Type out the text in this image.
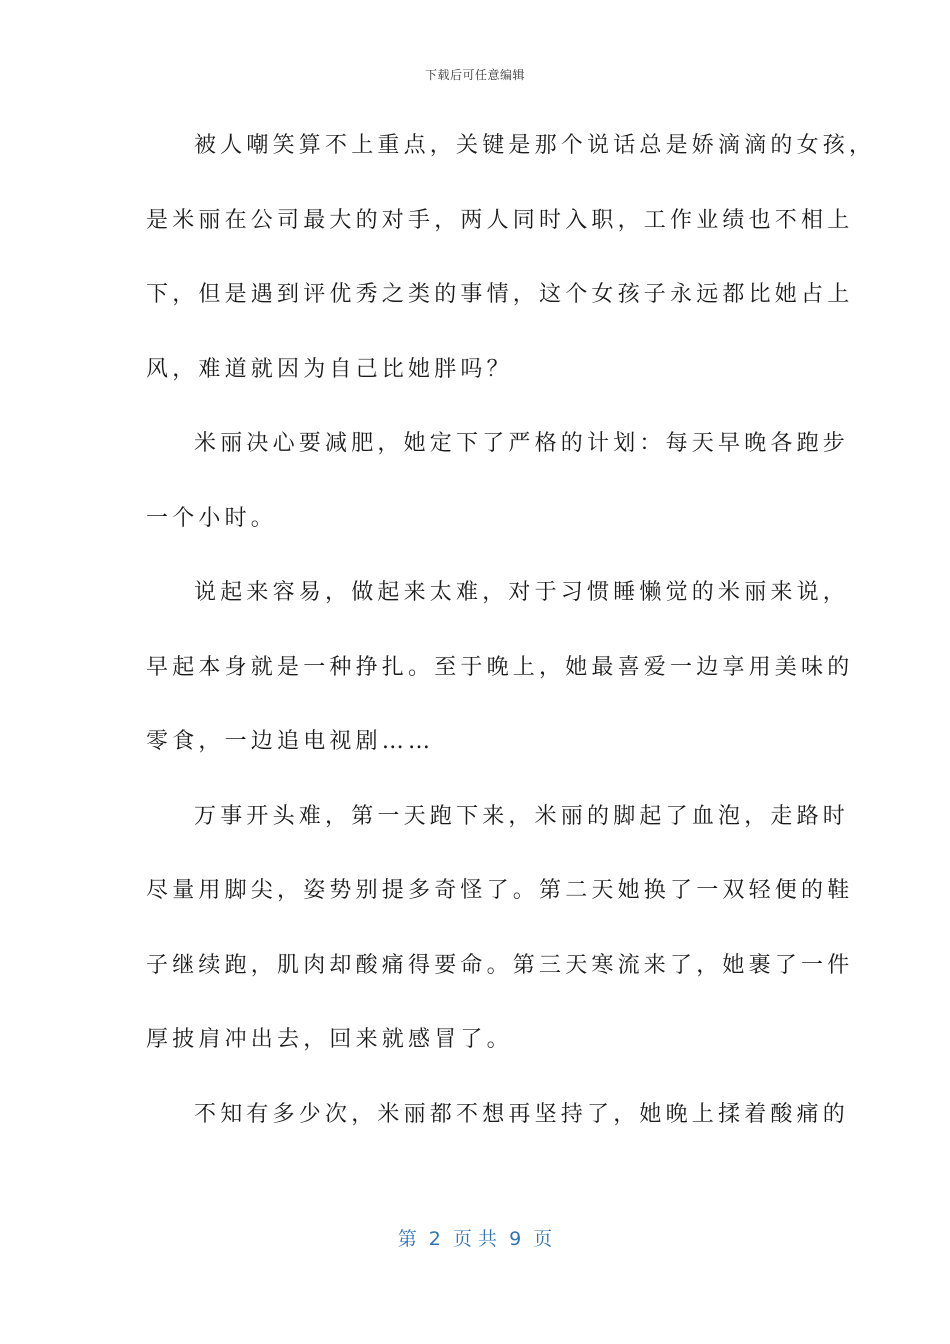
下载后可任意编辑
被人嘲笑算不上重点，关键是那个说话总是娇滴滴的女孩，
是米丽在公司最大的对手，两人同时入职，工作业绩也不相上
下，但是遇到评优秀之类的事情，这个女孩子永远都比她占上
风，难道就因为自己比她胖吗？
米丽决心要减肥，她定下了严格的计划：每天早晚各跑步
一个小时。
说起来容易，做起来太难，对于习惯睡懒觉的米丽来说，
早起本身就是一种挣扎。至于晚上，她最喜爱一边享用美味的
零食，一边追电视剧……
万事开头难，第一天跑下来，米丽的脚起了血泡，走路时
尽量用脚尖，姿势别提多奇怪了。第二天她换了一双轻便的鞋
子继续跑，肌肉却酸痛得要命。第三天寒流来了，她裹了一件
厚披肩冲出去，回来就感冒了。
不知有多少次，米丽都不想再坚持了，她晚上揉着酸痛的
第  2  页 共  9  页
